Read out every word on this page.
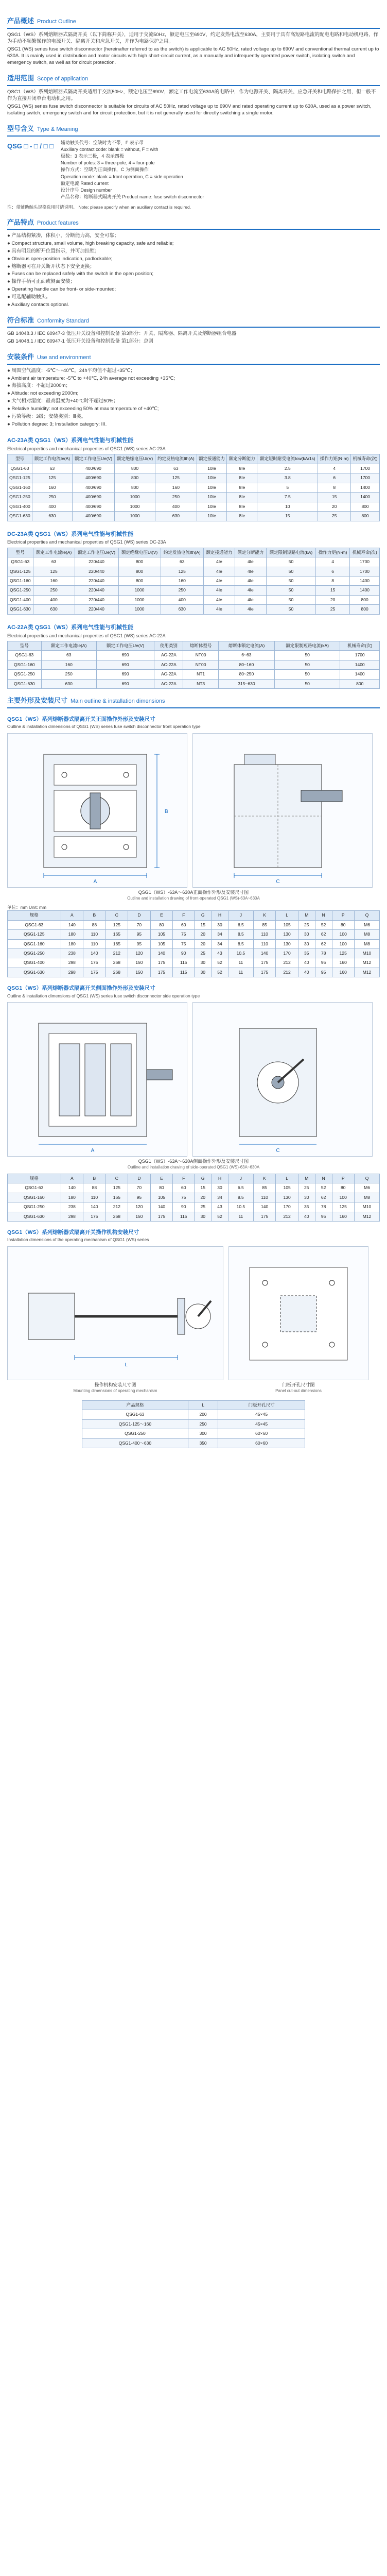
产品概述 Product Outline

QSG1（WS）系列熔断器式隔离开关（以下简称开关），适用于交流50Hz，额定电压至690V，约定发热电流至630A，主要用于具有高短路电流的配电电路和电动机电路，作为手动不频繁操作的电源开关、隔离开关和应急开关，并作为电路保护之用。

QSG1 (WS) series fuse switch disconnector (hereinafter referred to as the switch) is applicable to AC 50Hz, rated voltage up to 690V and conventional thermal current up to 630A. It is mainly used in distribution and motor circuits with high short-circuit current, as a manually and infrequently operated power switch, isolating switch and emergency switch, as well as for circuit protection.

适用范围 Scope of application

QSG1（WS）系列熔断器式隔离开关适用于交流50Hz，额定电压至690V，额定工作电流至630A的电路中，作为电源开关、隔离开关、应急开关和电路保护之用，但一般不作为直接开闭单台电动机之用。

QSG1 (WS) series fuse switch disconnector is suitable for circuits of AC 50Hz, rated voltage up to 690V and rated operating current up to 630A, used as a power switch, isolating switch, emergency switch and for circuit protection, but it is not generally used for directly switching a single motor.

型号含义 Type & Meaning
QSG □ - □ / □ □ 辅助触头代号：空缺时为不带，F 表示带
Auxiliary contact code: blank = without, F = with
极数：3 表示三极，4 表示四极
Number of poles: 3 = three-pole, 4 = four-pole
操作方式：空缺为正面操作，C 为侧面操作
Operation mode: blank = front operation, C = side operation
额定电流 Rated current
设计序号 Design number
产品名称：熔断器式隔离开关 Product name: fuse switch disconnector

注：带辅助触头规格选用时请说明。 Note: please specify when an auxiliary contact is required.

产品特点 Product features

● 产品结构紧凑，体积小，分断能力高，安全可靠；

● Compact structure, small volume, high breaking capacity, safe and reliable;

● 具有明显的断开位置指示，并可加挂锁；

● Obvious open-position indication, padlockable;

● 熔断器可在开关断开状态下安全更换；

● Fuses can be replaced safely with the switch in the open position;

● 操作手柄可正面或侧面安装；

● Operating handle can be front- or side-mounted;

● 可选配辅助触头。

● Auxiliary contacts optional.

符合标准 Conformity Standard

GB 14048.3 / IEC 60947-3 低压开关设备和控制设备 第3部分：开关、隔离器、隔离开关及熔断器组合电器

GB 14048.1 / IEC 60947-1 低压开关设备和控制设备 第1部分：总则

安装条件 Use and environment

● 周围空气温度：-5℃～+40℃，24h平均值不超过+35℃；

● Ambient air temperature: -5℃ to +40℃, 24h average not exceeding +35℃;

● 海拔高度：不超过2000m；

● Altitude: not exceeding 2000m;

● 大气相对湿度：最高温度为+40℃时不超过50%；

● Relative humidity: not exceeding 50% at max temperature of +40℃;

● 污染等级：3级；安装类别：Ⅲ类。

● Pollution degree: 3; Installation category: III.

AC-23A类 QSG1（WS）系列电气性能与机械性能
Electrical properties and mechanical properties of QSG1 (WS) series AC-23A
型号	额定工作电流Ie(A)	额定工作电压Ue(V)	额定绝缘电压Ui(V)	约定发热电流Ith(A)	额定接通能力	额定分断能力	额定短时耐受电流Icw(kA/1s)	操作力矩(N·m)	机械寿命(次)
QSG1-63	63	400/690	800	63	10Ie	8Ie	2.5	4	1700
QSG1-125	125	400/690	800	125	10Ie	8Ie	3.8	6	1700
QSG1-160	160	400/690	800	160	10Ie	8Ie	5	8	1400
QSG1-250	250	400/690	1000	250	10Ie	8Ie	7.5	15	1400
QSG1-400	400	400/690	1000	400	10Ie	8Ie	10	20	800
QSG1-630	630	400/690	1000	630	10Ie	8Ie	15	25	800
DC-23A类 QSG1（WS）系列电气性能与机械性能
Electrical properties and mechanical properties of QSG1 (WS) series DC-23A
型号	额定工作电流Ie(A)	额定工作电压Ue(V)	额定绝缘电压Ui(V)	约定发热电流Ith(A)	额定接通能力	额定分断能力	额定限制短路电流(kA)	操作力矩(N·m)	机械寿命(次)
QSG1-63	63	220/440	800	63	4Ie	4Ie	50	4	1700
QSG1-125	125	220/440	800	125	4Ie	4Ie	50	6	1700
QSG1-160	160	220/440	800	160	4Ie	4Ie	50	8	1400
QSG1-250	250	220/440	1000	250	4Ie	4Ie	50	15	1400
QSG1-400	400	220/440	1000	400	4Ie	4Ie	50	20	800
QSG1-630	630	220/440	1000	630	4Ie	4Ie	50	25	800
AC-22A类 QSG1（WS）系列电气性能与机械性能
Electrical properties and mechanical properties of QSG1 (WS) series AC-22A
型号	额定工作电流Ie(A)	额定工作电压Ue(V)	使用类别	熔断体型号	熔断体额定电流(A)	额定限制短路电流(kA)	机械寿命(次)
QSG1-63	63	690	AC-22A	NT00	6~63	50	1700
QSG1-160	160	690	AC-22A	NT00	80~160	50	1400
QSG1-250	250	690	AC-22A	NT1	80~250	50	1400
QSG1-630	630	690	AC-22A	NT3	315~630	50	800
主要外形及安装尺寸 Main outline & installation dimensions
QSG1（WS）系列熔断器式隔离开关正面操作外形及安装尺寸
Outline & installation dimensions of QSG1 (WS) series fuse switch disconnector front operation type
A
B
C
QSG1（WS）-63A～630A正面操作外形及安装尺寸图
Outline and installation drawing of front-operated QSG1 (WS)-63A~630A
单位：mm Unit: mm
规格	A	B	C	D	E	F	G	H	J	K	L	M	N	P	Q
QSG1-63	140	88	125	70	80	60	15	30	6.5	85	105	25	52	80	M6
QSG1-125	180	110	165	95	105	75	20	34	8.5	110	130	30	62	100	M8
QSG1-160	180	110	165	95	105	75	20	34	8.5	110	130	30	62	100	M8
QSG1-250	238	140	212	120	140	90	25	43	10.5	140	170	35	78	125	M10
QSG1-400	298	175	268	150	175	115	30	52	11	175	212	40	95	160	M12
QSG1-630	298	175	268	150	175	115	30	52	11	175	212	40	95	160	M12
QSG1（WS）系列熔断器式隔离开关侧面操作外形及安装尺寸
Outline & installation dimensions of QSG1 (WS) series fuse switch disconnector side operation type
A	C
QSG1（WS）-63A～630A侧面操作外形及安装尺寸图
Outline and installation drawing of side-operated QSG1 (WS)-63A~630A
规格	A	B	C	D	E	F	G	H	J	K	L	M	N	P	Q
QSG1-63	140	88	125	70	80	60	15	30	6.5	85	105	25	52	80	M6
QSG1-160	180	110	165	95	105	75	20	34	8.5	110	130	30	62	100	M8
QSG1-250	238	140	212	120	140	90	25	43	10.5	140	170	35	78	125	M10
QSG1-630	298	175	268	150	175	115	30	52	11	175	212	40	95	160	M12
QSG1（WS）系列熔断器式隔离开关操作机构安装尺寸
Installation dimensions of the operating mechanism of QSG1 (WS) series
L
操作机构安装尺寸图
Mounting dimensions of operating mechanism
门板开孔尺寸图
Panel cut-out dimensions
产品规格	L	门板开孔尺寸
QSG1-63	200	45×45
QSG1-125～160	250	45×45
QSG1-250	300	60×60
QSG1-400～630	350	60×60
